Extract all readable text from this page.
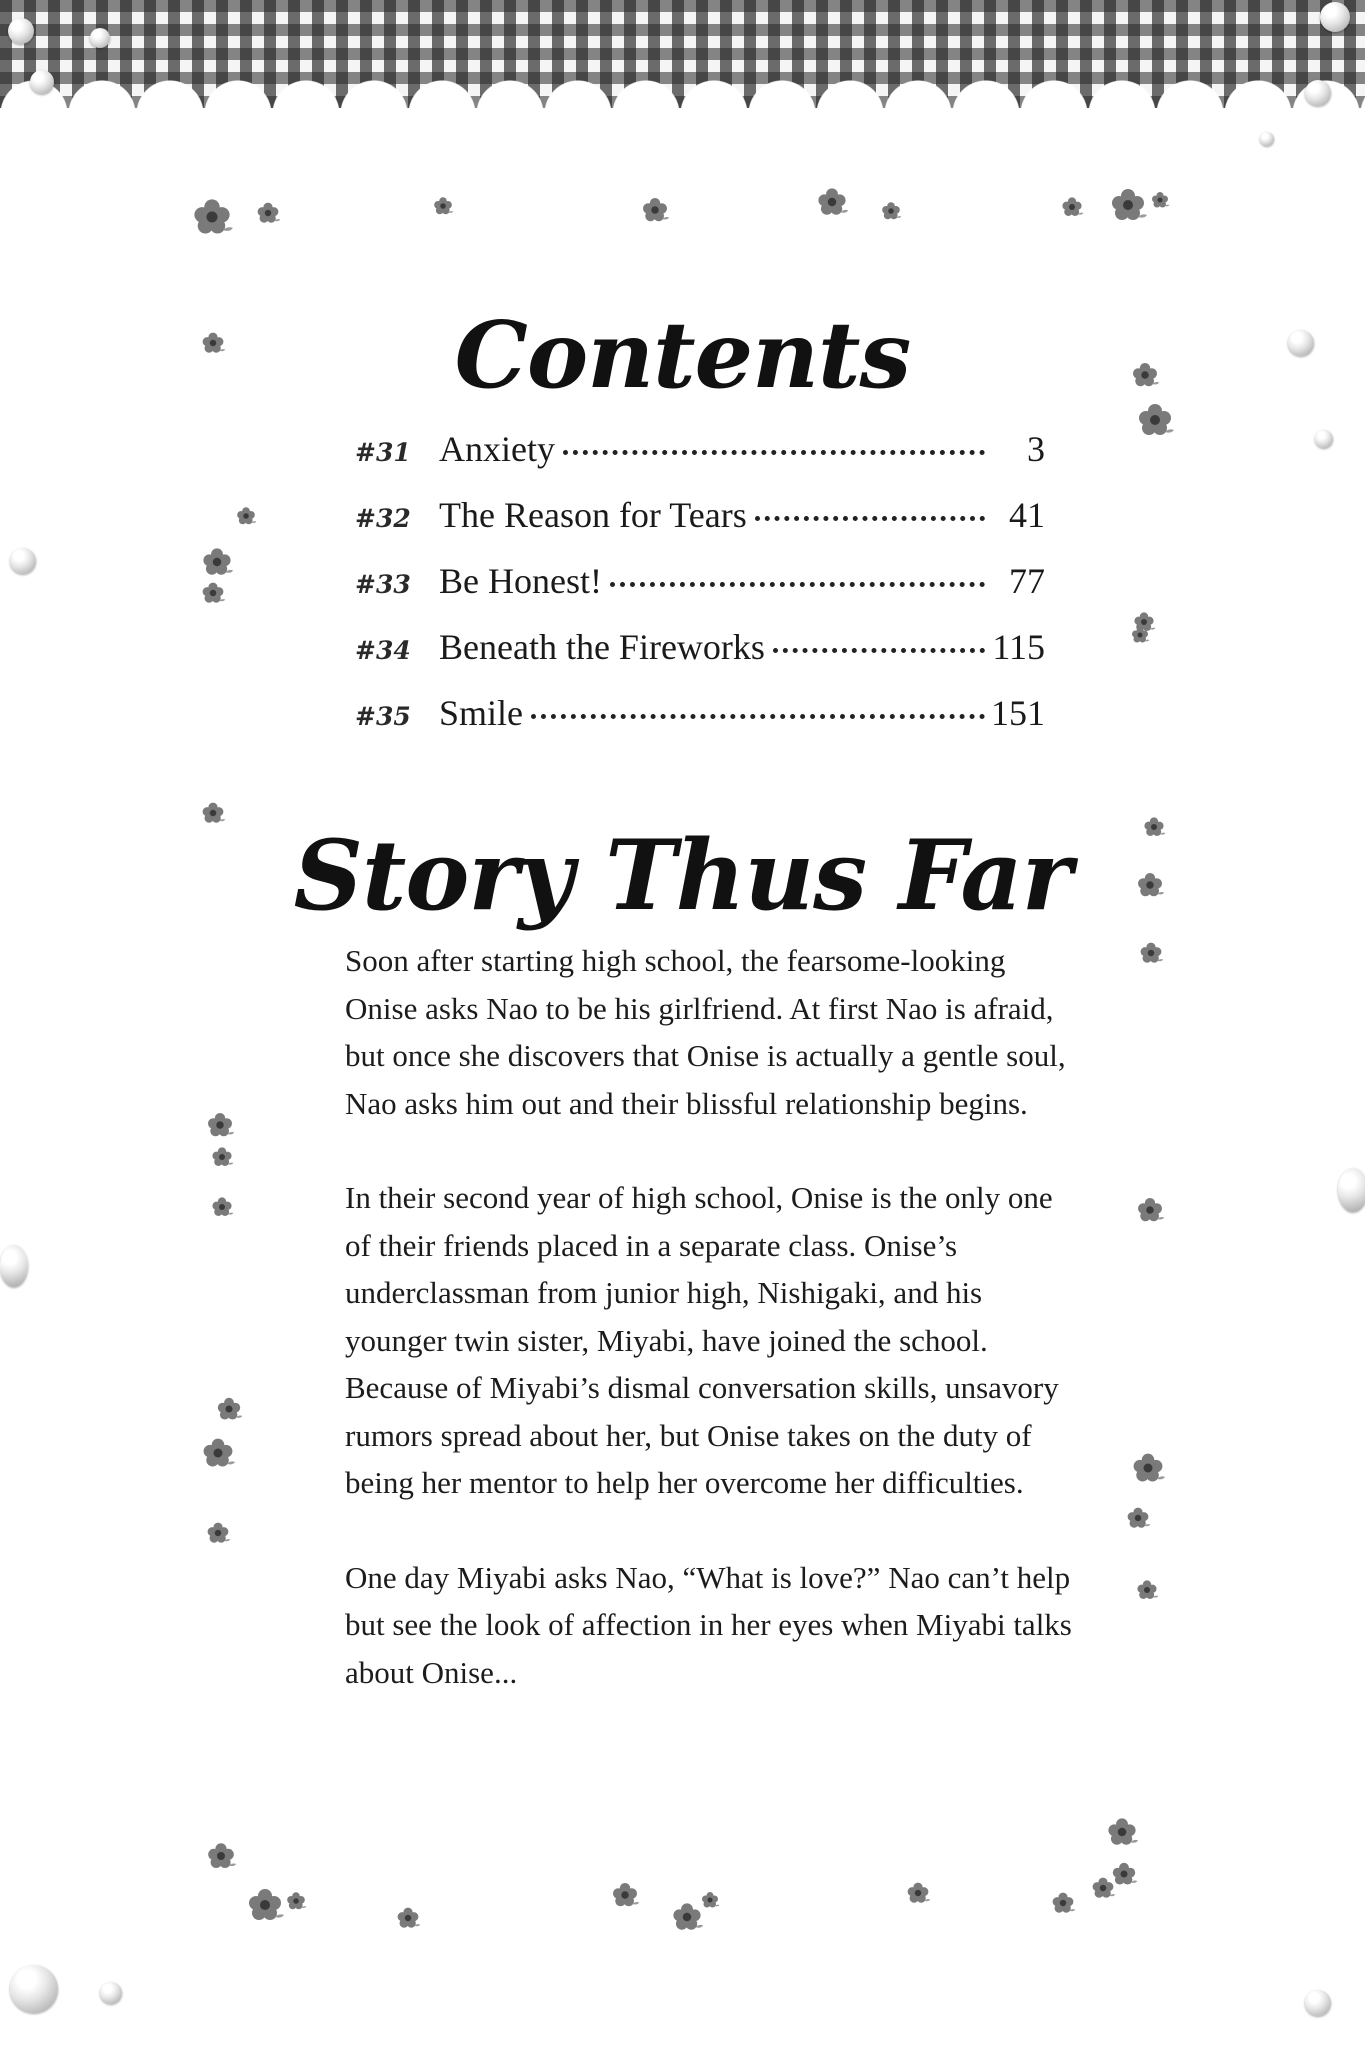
Contents
#31 Anxiety	3
#32 The Reason for Tears	41
#33 Be Honest!	77
#34 Beneath the Fireworks	115
#35 Smile	151
Story Thus Far

Soon after starting high school, the fearsome-looking Onise asks Nao to be his girlfriend. At first Nao is afraid, but once she discovers that Onise is actually a gentle soul, Nao asks him out and their blissful relationship begins.

In their second year of high school, Onise is the only one of their friends placed in a separate class. Onise’s underclassman from junior high, Nishigaki, and his younger twin sister, Miyabi, have joined the school. Because of Miyabi’s dismal conversation skills, unsavory rumors spread about her, but Onise takes on the duty of being her mentor to help her overcome her difficulties.

One day Miyabi asks Nao, “What is love?” Nao can’t help but see the look of affection in her eyes when Miyabi talks about Onise...
